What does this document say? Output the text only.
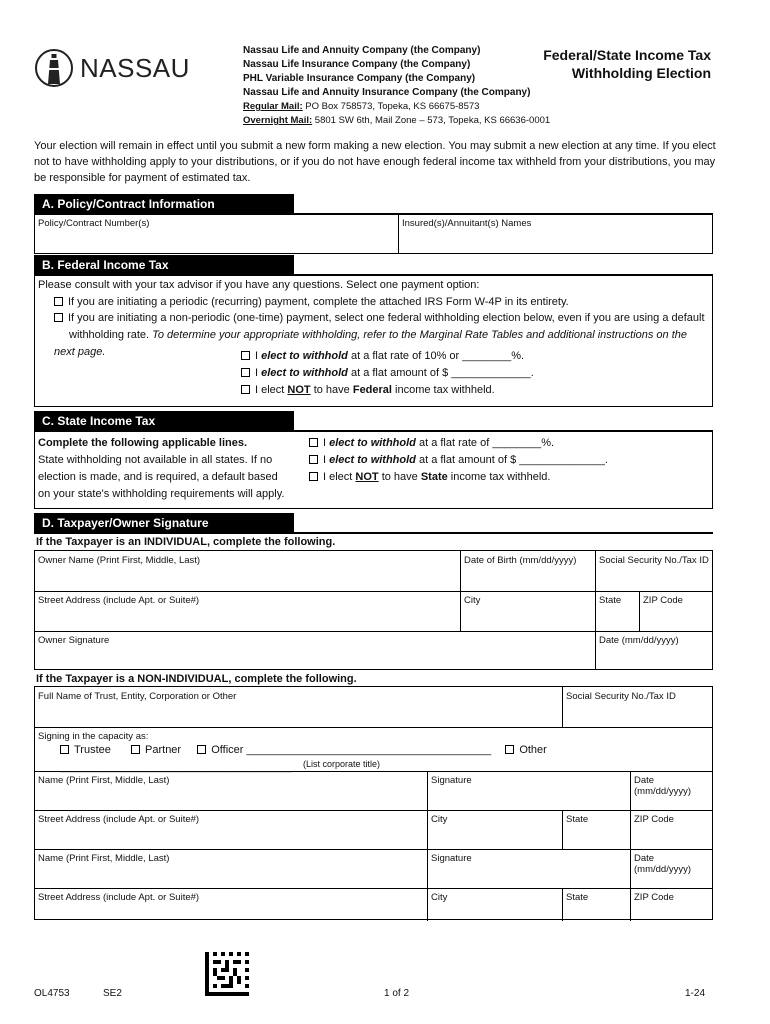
NASSAU
Nassau Life and Annuity Company (the Company)
Nassau Life Insurance Company (the Company)
PHL Variable Insurance Company (the Company)
Nassau Life and Annuity Insurance Company (the Company)
Regular Mail: PO Box 758573, Topeka, KS 66675-8573
Overnight Mail: 5801 SW 6th, Mail Zone – 573, Topeka, KS 66636-0001
Federal/State Income Tax
Withholding Election
Your election will remain in effect until you submit a new form making a new election. You may submit a new election at any time. If you elect not to have withholding apply to your distributions, or if you do not have enough federal income tax withheld from your distributions, you may be responsible for payment of estimated tax.
A. Policy/Contract Information
Policy/Contract Number(s)	Insured(s)/Annuitant(s) Names
B. Federal Income Tax
Please consult with your tax advisor if you have any questions. Select one payment option:
If you are initiating a periodic (recurring) payment, complete the attached IRS Form W-4P in its entirety.
If you are initiating a non-periodic (one-time) payment, select one federal withholding election below, even if you are using a default
withholding rate. To determine your appropriate withholding, refer to the Marginal Rate Tables and additional instructions on the next page.	I elect to withhold at a flat rate of 10% or ________%.
I elect to withhold at a flat amount of $ _____________.
I elect NOT to have Federal income tax withheld.
C. State Income Tax
Complete the following applicable lines.
State withholding not available in all states. If no
election is made, and is required, a default based
on your state's withholding requirements will apply.
I elect to withhold at a flat rate of ________%.
I elect to withhold at a flat amount of $ ______________.
I elect NOT to have State income tax withheld.
D. Taxpayer/Owner Signature
If the Taxpayer is an INDIVIDUAL, complete the following.
Owner Name (Print First, Middle, Last)	Date of Birth (mm/dd/yyyy) Social Security No./Tax ID
Street Address (include Apt. or Suite#)	City	State ZIP Code
Owner Signature	Date (mm/dd/yyyy)
If the Taxpayer is a NON-INDIVIDUAL, complete the following.
Full Name of Trust, Entity, Corporation or Other	Social Security No./Tax ID
Signing in the capacity as:
Trustee	Partner	Officer ________________________________________	Other ______________________________________	(List corporate title)
Name (Print First, Middle, Last)	Signature	Date (mm/dd/yyyy)
Street Address (include Apt. or Suite#)	City	State	ZIP Code
Name (Print First, Middle, Last)	Signature	Date (mm/dd/yyyy)
Street Address (include Apt. or Suite#)	City	State	ZIP Code
OL4753	SE2	1 of 2	1-24
